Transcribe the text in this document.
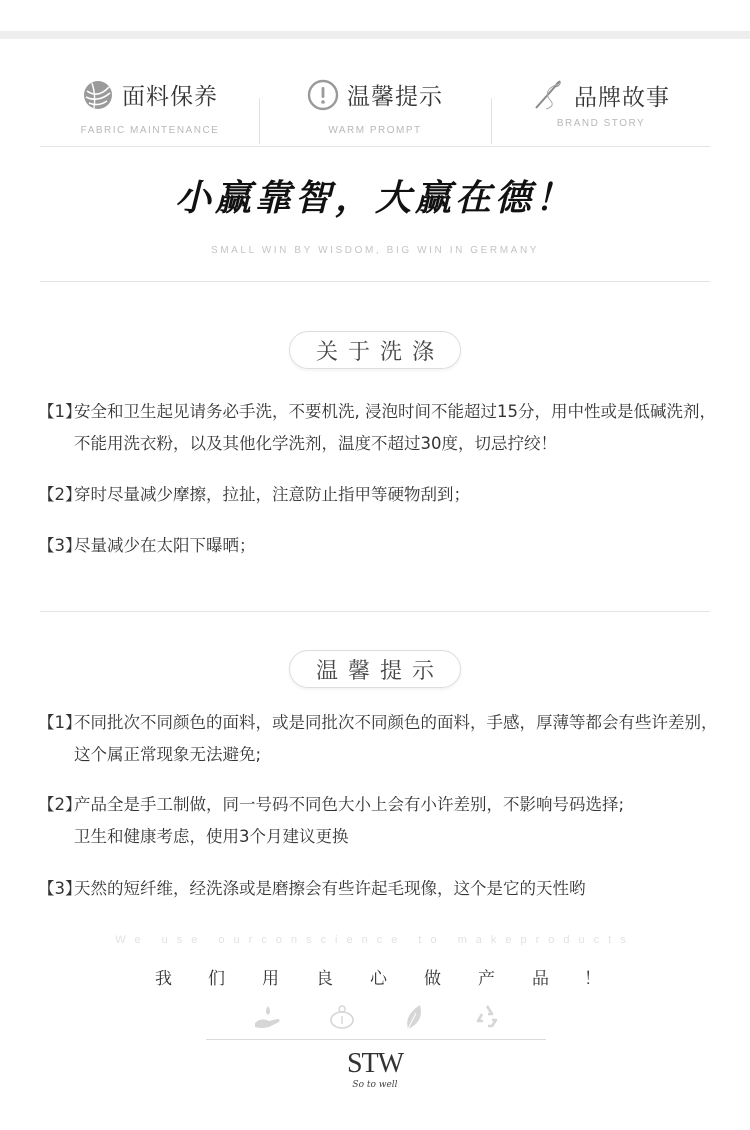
面料保养
FABRIC MAINTENANCE
温馨提示
WARM PROMPT
品牌故事
BRAND STORY
小赢靠智，大赢在德！
SMALL WIN BY WISDOM, BIG WIN IN GERMANY
关于洗涤
【1】
安全和卫生起见请务必手洗，不要机洗, 浸泡时间不能超过15分，用中性或是低碱洗剂，不能用洗衣粉，以及其他化学洗剂，温度不超过30度，切忌拧绞！
【2】
穿时尽量减少摩擦，拉扯，注意防止指甲等硬物刮到；
【3】
尽量减少在太阳下曝晒；
温馨提示
【1】
不同批次不同颜色的面料，或是同批次不同颜色的面料，手感，厚薄等都会有些许差别，这个属正常现象无法避免;
【2】
产品全是手工制做，同一号码不同色大小上会有小许差别，不影响号码选择;
卫生和健康考虑，使用3个月建议更换
【3】
天然的短纤维，经洗涤或是磨擦会有些许起毛现像，这个是它的天性哟
We use ourconscience to makeproducts
我 们 用 良 心 做 产 品 ！
STW
So to well
